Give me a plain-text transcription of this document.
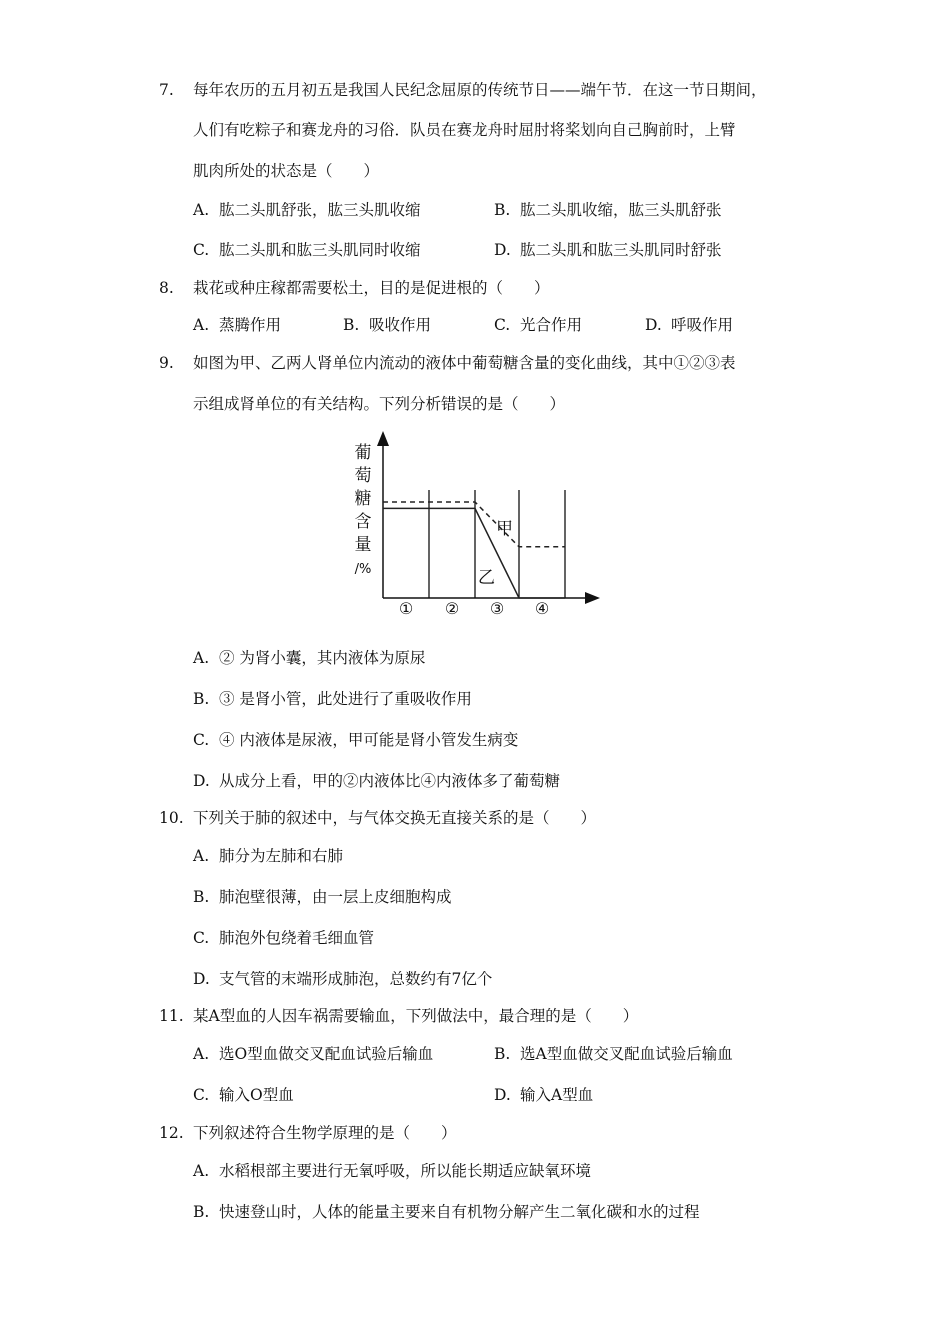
7. 每年农历的五月初五是我国人民纪念屈原的传统节日——端午节．在这一节日期间，
人们有吃粽子和赛龙舟的习俗．队员在赛龙舟时屈肘将桨划向自己胸前时，上臂
肌肉所处的状态是（　　）
A. 肱二头肌舒张，肱三头肌收缩	B. 肱二头肌收缩，肱三头肌舒张
C. 肱二头肌和肱三头肌同时收缩	D. 肱二头肌和肱三头肌同时舒张
8. 栽花或种庄稼都需要松土，目的是促进根的（　　）
A. 蒸腾作用	B. 吸收作用	C. 光合作用	D. 呼吸作用
9. 如图为甲、乙两人肾单位内流动的液体中葡萄糖含量的变化曲线，其中①②③表
示组成肾单位的有关结构。下列分析错误的是（　　）
葡
萄
糖
含
量
/%
甲
乙
① ② ③ ④
A. ② 为肾小囊，其内液体为原尿
B. ③ 是肾小管，此处进行了重吸收作用
C. ④ 内液体是尿液，甲可能是肾小管发生病变
D. 从成分上看，甲的②内液体比④内液体多了葡萄糖
10. 下列关于肺的叙述中，与气体交换无直接关系的是（　　）
A. 肺分为左肺和右肺
B. 肺泡壁很薄，由一层上皮细胞构成
C. 肺泡外包绕着毛细血管
D. 支气管的末端形成肺泡，总数约有7亿个
11. 某A型血的人因车祸需要输血，下列做法中，最合理的是（　　）
A. 选O型血做交叉配血试验后输血	B. 选A型血做交叉配血试验后输血
C. 输入O型血	D. 输入A型血
12. 下列叙述符合生物学原理的是（　　）
A. 水稻根部主要进行无氧呼吸，所以能长期适应缺氧环境
B. 快速登山时，人体的能量主要来自有机物分解产生二氧化碳和水的过程
